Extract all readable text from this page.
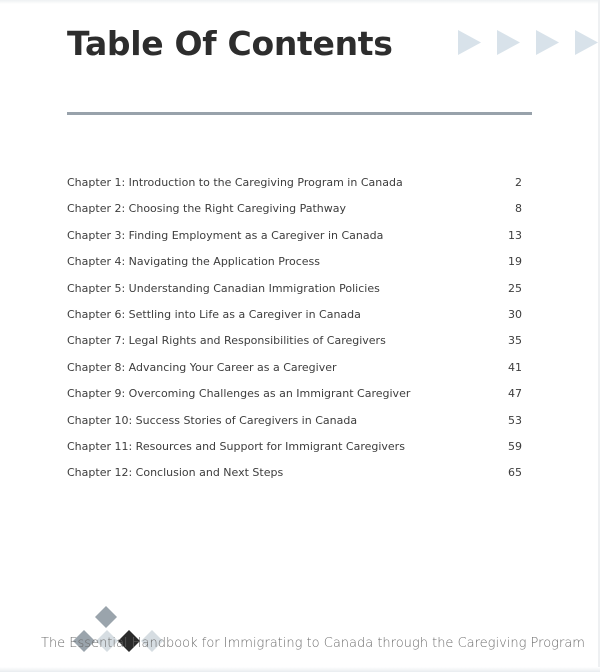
Table Of Contents
Chapter 1: Introduction to the Caregiving Program in Canada	2
Chapter 2: Choosing the Right Caregiving Pathway	8
Chapter 3: Finding Employment as a Caregiver in Canada	13
Chapter 4: Navigating the Application Process	19
Chapter 5: Understanding Canadian Immigration Policies	25
Chapter 6: Settling into Life as a Caregiver in Canada	30
Chapter 7: Legal Rights and Responsibilities of Caregivers	35
Chapter 8: Advancing Your Career as a Caregiver	41
Chapter 9: Overcoming Challenges as an Immigrant Caregiver	47
Chapter 10: Success Stories of Caregivers in Canada	53
Chapter 11: Resources and Support for Immigrant Caregivers	59
Chapter 12: Conclusion and Next Steps	65
The Essential Handbook for Immigrating to Canada through the Caregiving Program
